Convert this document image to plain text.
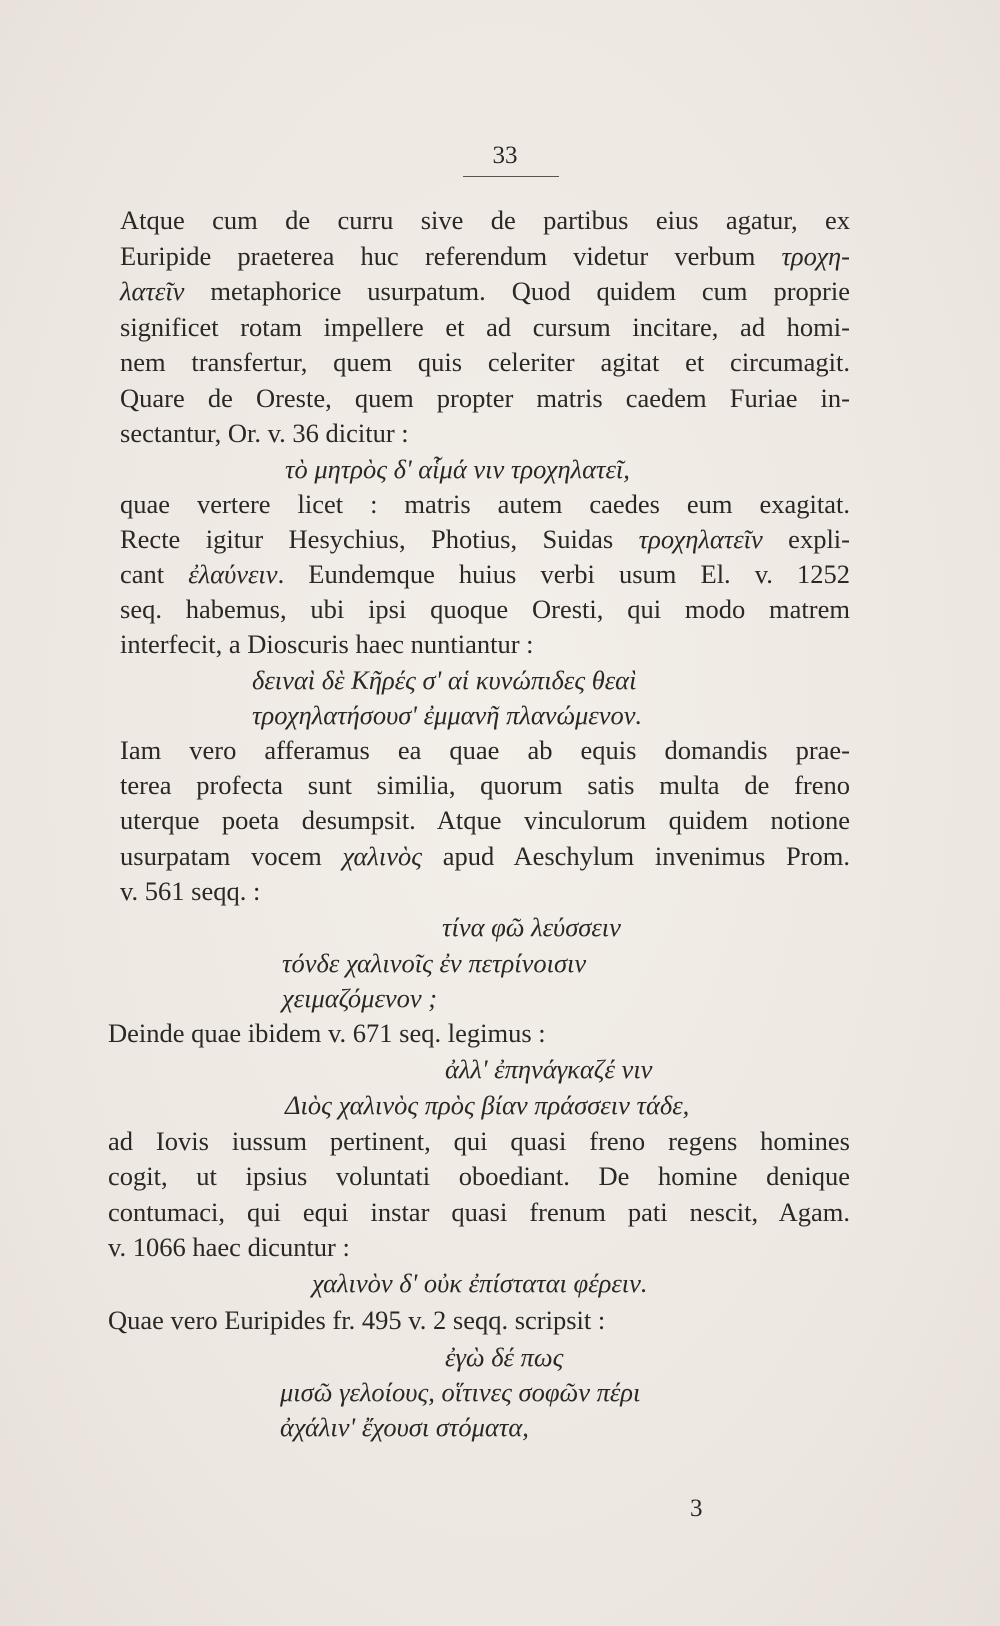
33
Atque cum de curru sive de partibus eius agatur, ex
Euripide praeterea huc referendum videtur verbum τροχη-
λατεῖν metaphorice usurpatum. Quod quidem cum proprie
significet rotam impellere et ad cursum incitare, ad homi-
nem transfertur, quem quis celeriter agitat et circumagit.
Quare de Oreste, quem propter matris caedem Furiae in-
sectantur, Or. v. 36 dicitur :
τὸ μητρὸς δ' αἷμά νιν τροχηλατεῖ,
quae vertere licet : matris autem caedes eum exagitat.
Recte igitur Hesychius, Photius, Suidas τροχηλατεῖν expli-
cant ἐλαύνειν. Eundemque huius verbi usum El. v. 1252
seq. habemus, ubi ipsi quoque Oresti, qui modo matrem
interfecit, a Dioscuris haec nuntiantur :
δειναὶ δὲ Κῆρές σ' αἱ κυνώπιδες θεαὶ
τροχηλατήσουσ' ἐμμανῆ πλανώμενον.
Iam vero afferamus ea quae ab equis domandis prae-
terea profecta sunt similia, quorum satis multa de freno
uterque poeta desumpsit. Atque vinculorum quidem notione
usurpatam vocem χαλινὸς apud Aeschylum invenimus Prom.
v. 561 seqq. :
τίνα φῶ λεύσσειν
τόνδε χαλινοῖς ἐν πετρίνοισιν
χειμαζόμενον ;
Deinde quae ibidem v. 671 seq. legimus :
ἀλλ' ἐπηνάγκαζέ νιν
Διὸς χαλινὸς πρὸς βίαν πράσσειν τάδε,
ad Iovis iussum pertinent, qui quasi freno regens homines
cogit, ut ipsius voluntati oboediant. De homine denique
contumaci, qui equi instar quasi frenum pati nescit, Agam.
v. 1066 haec dicuntur :
χαλινὸν δ' οὐκ ἐπίσταται φέρειν.
Quae vero Euripides fr. 495 v. 2 seqq. scripsit :
ἐγὼ δέ πως
μισῶ γελοίους, οἵτινες σοφῶν πέρι
ἀχάλιν' ἔχουσι στόματα,
3
